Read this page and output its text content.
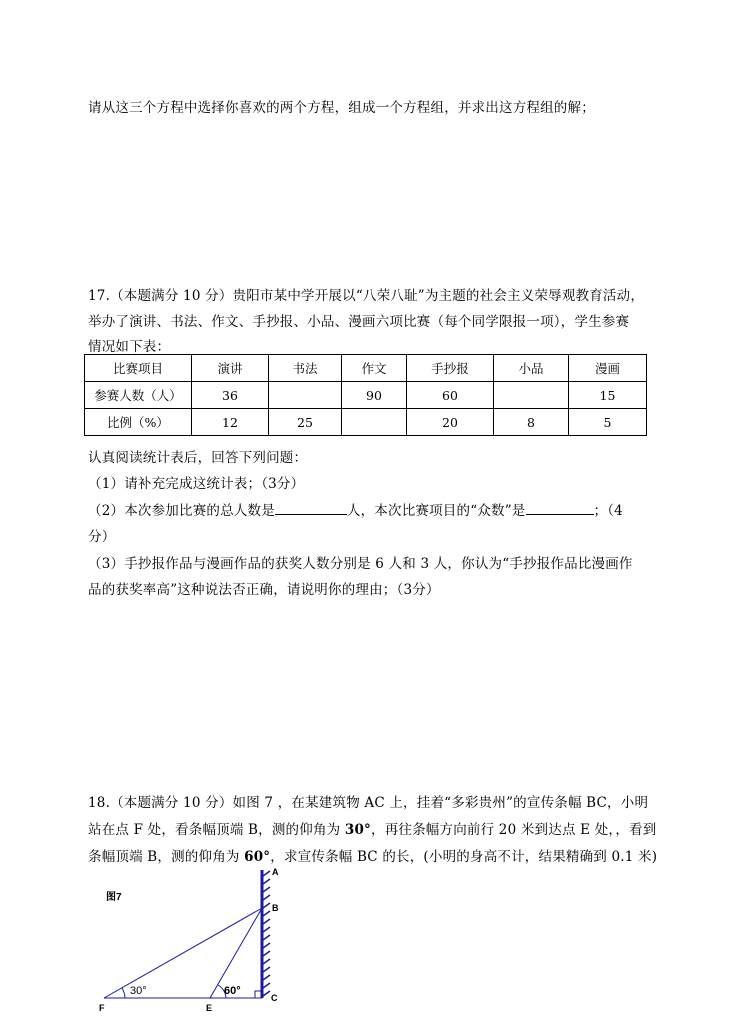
请从这三个方程中选择你喜欢的两个方程，组成一个方程组，并求出这方程组的解；
17.（本题满分 10 分）贵阳市某中学开展以“八荣八耻”为主题的社会主义荣辱观教育活动，
举办了演讲、书法、作文、手抄报、小品、漫画六项比赛（每个同学限报一项），学生参赛
情况如下表：
比赛项目	演讲	书法	作文	手抄报	小品	漫画
参赛人数（人）	36		90	60		15
比例（%）	12	25		20	8	5
认真阅读统计表后，回答下列问题：
（1）请补充完成这统计表；（3分）
（2）本次参加比赛的总人数是	人，本次比赛项目的“众数”是	；（4
分）
（3）手抄报作品与漫画作品的获奖人数分别是 6 人和 3 人，你认为“手抄报作品比漫画作
品的获奖率高”这种说法否正确，请说明你的理由；（3分）
18.（本题满分 10 分）如图 7 ，在某建筑物 AC 上，挂着“多彩贵州”的宣传条幅 BC，小明
站在点 F 处，看条幅顶端 B，测的仰角为 30°，再往条幅方向前行 20 米到达点 E 处，，看到
条幅顶端 B，测的仰角为 60°，求宣传条幅 BC 的长，(小明的身高不计，结果精确到 0.1 米)
图7
A
B
C
F	E
30°	60°
